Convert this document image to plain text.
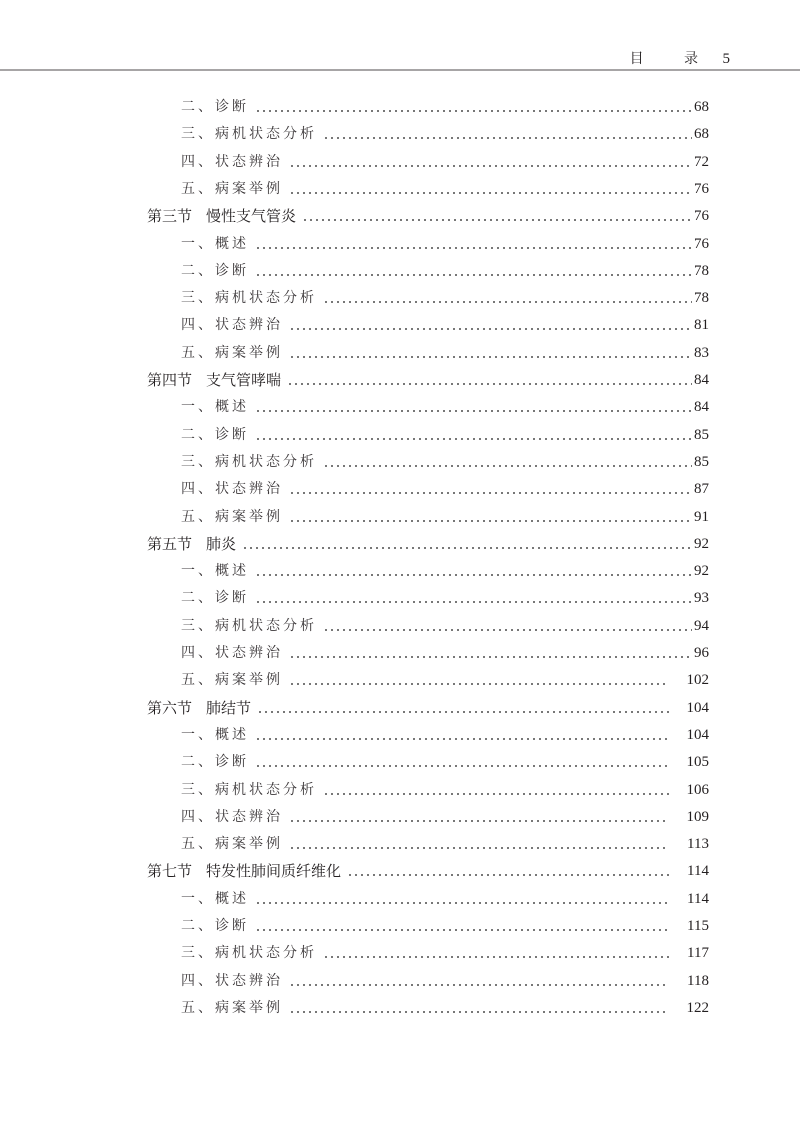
目 录 5
二、诊断	68
三、病机状态分析	68
四、状态辨治	72
五、病案举例	76
第三节 慢性支气管炎	76
一、概述	76
二、诊断	78
三、病机状态分析	78
四、状态辨治	81
五、病案举例	83
第四节 支气管哮喘	84
一、概述	84
二、诊断	85
三、病机状态分析	85
四、状态辨治	87
五、病案举例	91
第五节 肺炎	92
一、概述	92
二、诊断	93
三、病机状态分析	94
四、状态辨治	96
五、病案举例	102
第六节 肺结节	104
一、概述	104
二、诊断	105
三、病机状态分析	106
四、状态辨治	109
五、病案举例	113
第七节 特发性肺间质纤维化	114
一、概述	114
二、诊断	115
三、病机状态分析	117
四、状态辨治	118
五、病案举例	122
